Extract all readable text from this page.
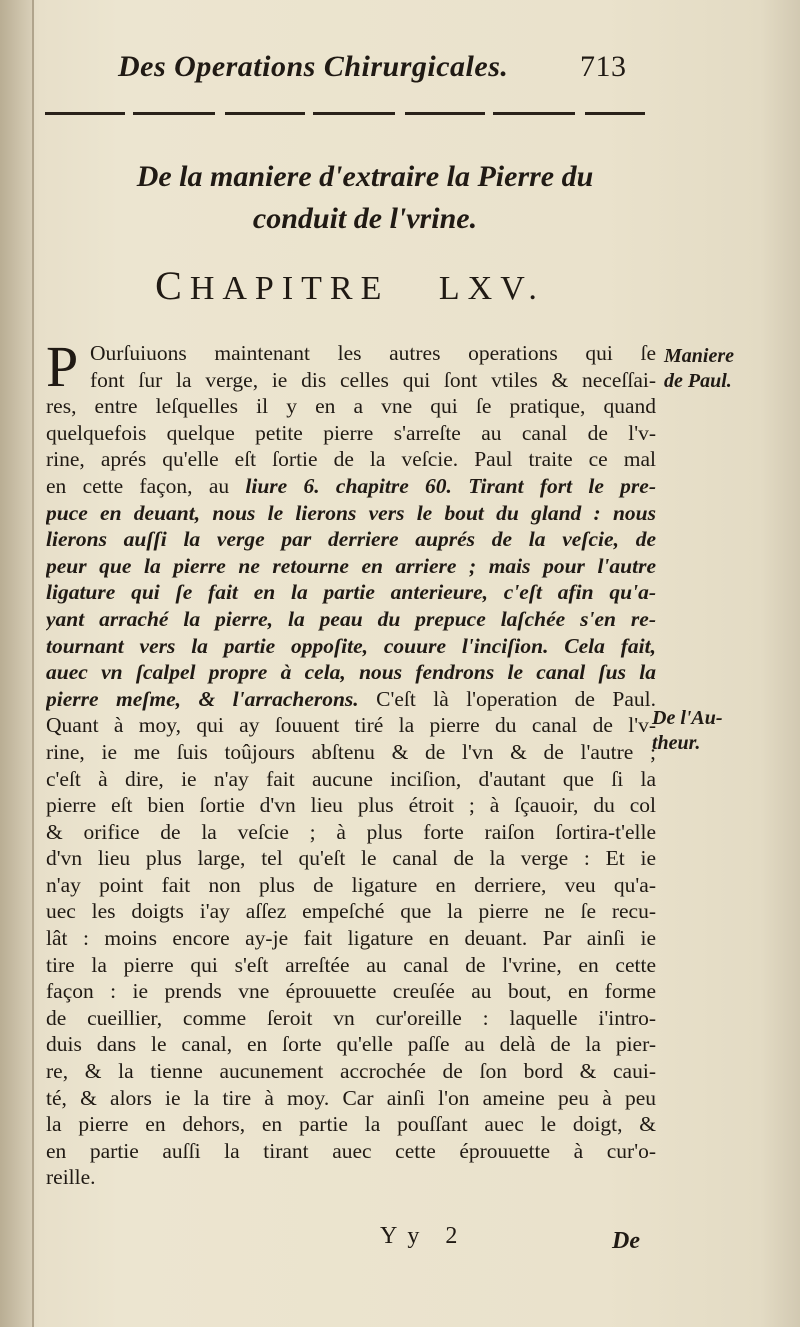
Des Operations Chirurgicales. 713
De la maniere d'extraire la Pierre du
conduit de l'vrine.
CHAPITRE LXV.
P Ourſuiuons maintenant les autres operations qui ſe
font ſur la verge, ie dis celles qui ſont vtiles & neceſſai-
res, entre leſquelles il y en a vne qui ſe pratique, quand
quelquefois quelque petite pierre s'arreſte au canal de l'v-
rine, aprés qu'elle eſt ſortie de la veſcie. Paul traite ce mal
en cette façon, au liure 6. chapitre 60. Tirant fort le pre-
puce en deuant, nous le lierons vers le bout du gland : nous
lierons auſſi la verge par derriere auprés de la veſcie, de
peur que la pierre ne retourne en arriere ; mais pour l'autre
ligature qui ſe fait en la partie anterieure, c'eſt afin qu'a-
yant arraché la pierre, la peau du prepuce laſchée s'en re-
tournant vers la partie oppoſite, couure l'inciſion. Cela fait,
auec vn ſcalpel propre à cela, nous fendrons le canal ſus la
pierre meſme, & l'arracherons. C'eſt là l'operation de Paul.
Quant à moy, qui ay ſouuent tiré la pierre du canal de l'v-
rine, ie me ſuis toûjours abſtenu & de l'vn & de l'autre ;
c'eſt à dire, ie n'ay fait aucune inciſion, d'autant que ſi la
pierre eſt bien ſortie d'vn lieu plus étroit ; à ſçauoir, du col
& orifice de la veſcie ; à plus forte raiſon ſortira-t'elle
d'vn lieu plus large, tel qu'eſt le canal de la verge : Et ie
n'ay point fait non plus de ligature en derriere, veu qu'a-
uec les doigts i'ay aſſez empeſché que la pierre ne ſe recu-
lât : moins encore ay-je fait ligature en deuant. Par ainſi ie
tire la pierre qui s'eſt arreſtée au canal de l'vrine, en cette
façon : ie prends vne éprouuette creuſée au bout, en forme
de cueillier, comme ſeroit vn cur'oreille : laquelle i'intro-
duis dans le canal, en ſorte qu'elle paſſe au delà de la pier-
re, & la tienne aucunement accrochée de ſon bord & caui-
té, & alors ie la tire à moy. Car ainſi l'on ameine peu à peu
la pierre en dehors, en partie la pouſſant auec le doigt, &
en partie auſſi la tirant auec cette éprouuette à cur'o-
reille.
Maniere
de Paul.
De l'Au-
theur.
Yy 2	De
